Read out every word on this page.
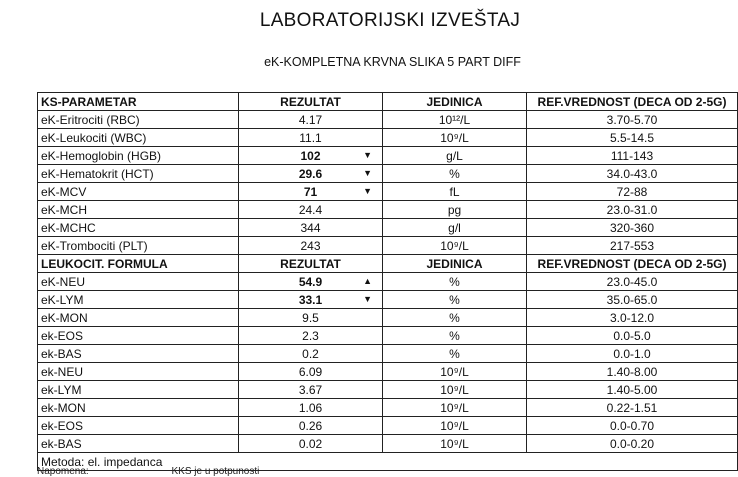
LABORATORIJSKI IZVEŠTAJ
eK-KOMPLETNA KRVNA SLIKA 5 PART DIFF
KS-PARAMETAR	REZULTAT	JEDINICA	REF.VREDNOST (DECA OD 2-5G)
eK-Eritrociti (RBC)	4.17	10¹²/L	3.70-5.70
eK-Leukociti (WBC)	11.1	10⁹/L	5.5-14.5
eK-Hemoglobin (HGB)	102 ▼	g/L	111-143
eK-Hematokrit (HCT)	29.6 ▼	%	34.0-43.0
eK-MCV	71 ▼	fL	72-88
eK-MCH	24.4	pg	23.0-31.0
eK-MCHC	344	g/l	320-360
eK-Trombociti (PLT)	243	10⁹/L	217-553
LEUKOCIT. FORMULA	REZULTAT	JEDINICA	REF.VREDNOST (DECA OD 2-5G)
eK-NEU	54.9 ▲	%	23.0-45.0
eK-LYM	33.1 ▼	%	35.0-65.0
eK-MON	9.5	%	3.0-12.0
ek-EOS	2.3	%	0.0-5.0
ek-BAS	0.2	%	0.0-1.0
ek-NEU	6.09	10⁹/L	1.40-8.00
ek-LYM	3.67	10⁹/L	1.40-5.00
ek-MON	1.06	10⁹/L	0.22-1.51
ek-EOS	0.26	10⁹/L	0.0-0.70
ek-BAS	0.02	10⁹/L	0.0-0.20
Metoda: el. impedanca			
Napomena:	KKS je u potpunosti
